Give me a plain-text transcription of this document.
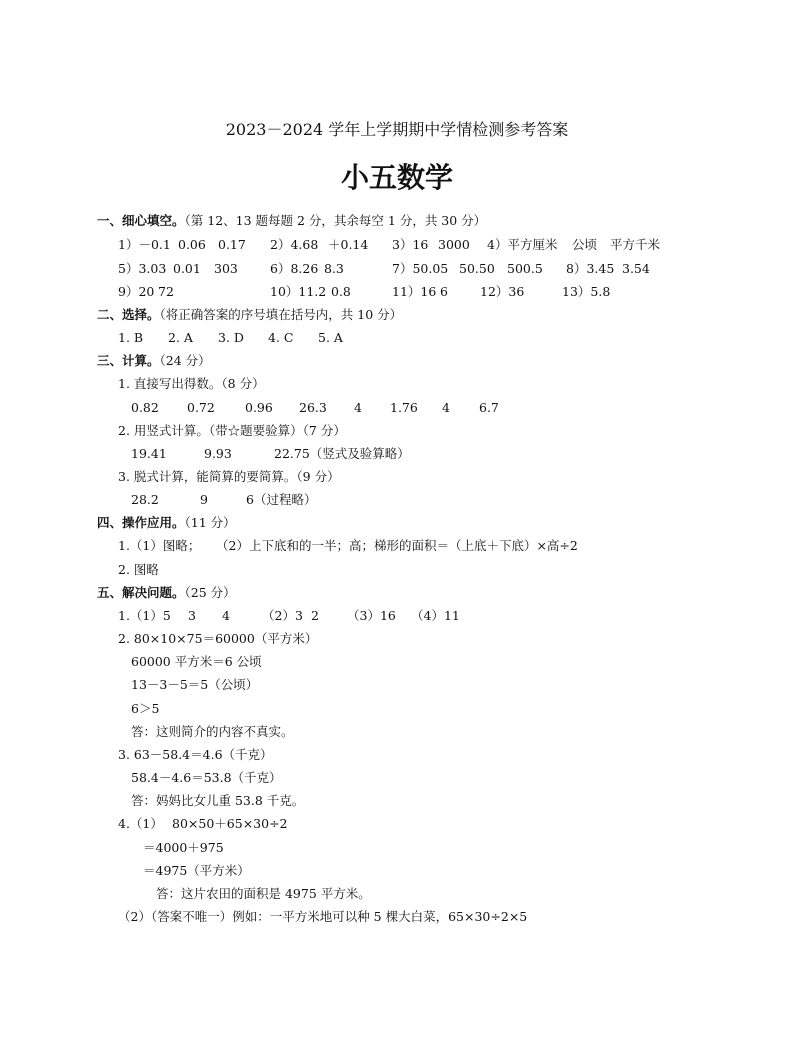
2023－2024 学年上学期期中学情检测参考答案
小五数学
一、细心填空。（第 12、13 题每题 2 分，其余每空 1 分，共 30 分）
1）－0.1 0.06 0.17 2）4.68 ＋0.14 3）16 3000 4）平方厘米 公顷 平方千米
5）3.03 0.01 303	6）8.26 8.3	7）50.05 50.50 500.5 8）3.45 3.54
9）20 72	10）11.2 0.8	11）16 6	12）36	13）5.8
二、选择。（将正确答案的序号填在括号内，共 10 分）
1. B 2. A 3. D 4. C 5. A
三、计算。（24 分）
1. 直接写出得数。（8 分）
0.82 0.72 0.96 26.3 4 1.76 4 6.7
2. 用竖式计算。（带☆题要验算）（7 分）
19.41	9.93	22.75（竖式及验算略）
3. 脱式计算，能简算的要简算。（9 分）
28.2	9	6（过程略）
四、操作应用。（11 分）
1.（1）图略； （2）上下底和的一半；高；梯形的面积＝（上底＋下底）×高÷2
2. 图略
五、解决问题。（25 分）
1.（1）5 3 4	（2）3 2 （3）16 （4）11
2. 80×10×75＝60000（平方米）
60000 平方米＝6 公顷
13－3－5＝5（公顷）
6＞5
答：这则简介的内容不真实。
3. 63－58.4＝4.6（千克）
58.4－4.6＝53.8（千克）
答：妈妈比女儿重 53.8 千克。
4.（1） 80×50＋65×30÷2
＝4000＋975
＝4975（平方米）
答：这片农田的面积是 4975 平方米。
（2）（答案不唯一）例如：一平方米地可以种 5 棵大白菜，65×30÷2×5
